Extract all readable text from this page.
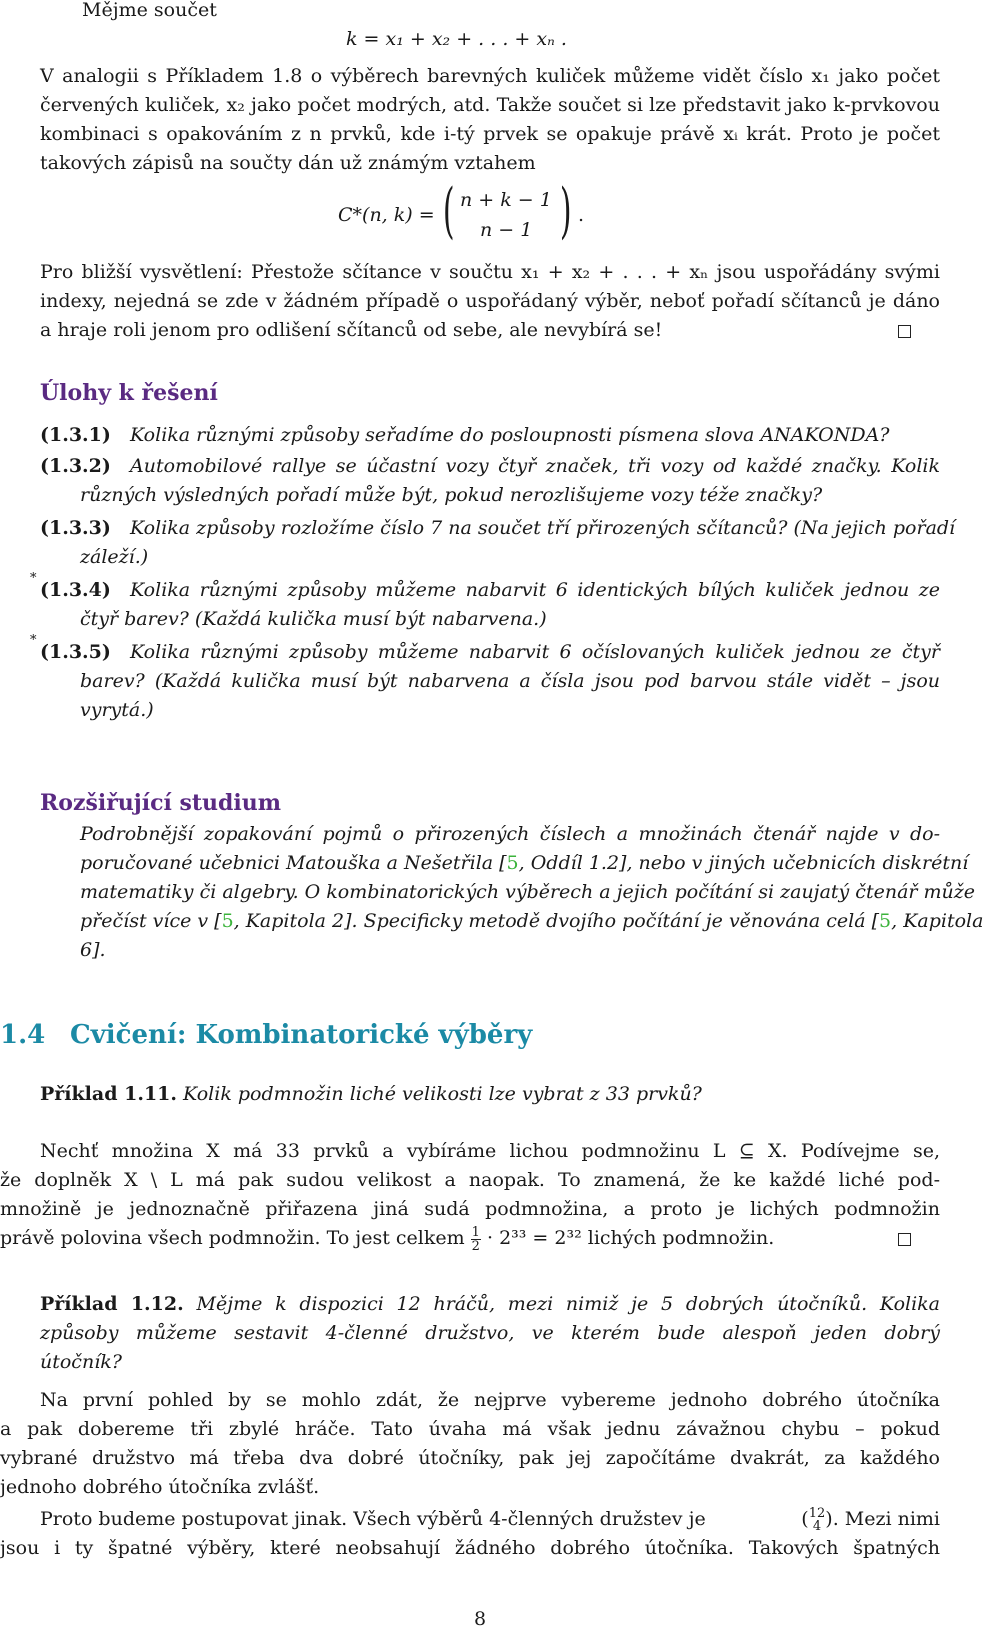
Mějme součet
k = x₁ + x₂ + . . . + xₙ .
V analogii s Příkladem 1.8 o výběrech barevných kuliček můžeme vidět číslo x₁ jako počet
červených kuliček, x₂ jako počet modrých, atd. Takže součet si lze představit jako k-prvkovou
kombinaci s opakováním z n prvků, kde i-tý prvek se opakuje právě xᵢ krát. Proto je počet
takových zápisů na součty dán už známým vztahem
C*(n, k) = ( n + k − 1
n − 1 ) .
Pro bližší vysvětlení: Přestože sčítance v součtu x₁ + x₂ + . . . + xₙ jsou uspořádány svými
indexy, nejedná se zde v žádném případě o uspořádaný výběr, neboť pořadí sčítanců je dáno
a hraje roli jenom pro odlišení sčítanců od sebe, ale nevybírá se!
Úlohy k řešení
(1.3.1) Kolika různými způsoby seřadíme do posloupnosti písmena slova ANAKONDA?
(1.3.2) Automobilové rallye se účastní vozy čtyř značek, tři vozy od každé značky. Kolik
různých výsledných pořadí může být, pokud nerozlišujeme vozy téže značky?
(1.3.3) Kolika způsoby rozložíme číslo 7 na součet tří přirozených sčítanců? (Na jejich pořadí
záleží.)
*
(1.3.4) Kolika různými způsoby můžeme nabarvit 6 identických bílých kuliček jednou ze
čtyř barev? (Každá kulička musí být nabarvena.)
*
(1.3.5) Kolika různými způsoby můžeme nabarvit 6 očíslovaných kuliček jednou ze čtyř
barev? (Každá kulička musí být nabarvena a čísla jsou pod barvou stále vidět – jsou
vyrytá.)
Rozšiřující studium
Podrobnější zopakování pojmů o přirozených číslech a množinách čtenář najde v do-
poručované učebnici Matouška a Nešetřila [5, Oddíl 1.2], nebo v jiných učebnicích diskrétní
matematiky či algebry. O kombinatorických výběrech a jejich počítání si zaujatý čtenář může
přečíst více v [5, Kapitola 2]. Specificky metodě dvojího počítání je věnována celá [5, Kapitola
6].
1.4 Cvičení: Kombinatorické výběry
Příklad 1.11. Kolik podmnožin liché velikosti lze vybrat z 33 prvků?
Nechť množina X má 33 prvků a vybíráme lichou podmnožinu L ⊆ X. Podívejme se,
že doplněk X \ L má pak sudou velikost a naopak. To znamená, že ke každé liché pod-
množině je jednoznačně přiřazena jiná sudá podmnožina, a proto je lichých podmnožin
právě polovina všech podmnožin. To jest celkem $\frac{1}{2} \cdot 2^{33} = 2^{32}$ lichých podmnožin.
Příklad 1.12. Mějme k dispozici 12 hráčů, mezi nimiž je 5 dobrých útočníků. Kolika
způsoby můžeme sestavit 4-členné družstvo, ve kterém bude alespoň jeden dobrý
útočník?
Na první pohled by se mohlo zdát, že nejprve vybereme jednoho dobrého útočníka
a pak dobereme tři zbylé hráče. Tato úvaha má však jednu závažnou chybu – pokud
vybrané družstvo má třeba dva dobré útočníky, pak jej započítáme dvakrát, za každého
jednoho dobrého útočníka zvlášť.
Proto budeme postupovat jinak. Všech výběrů 4-členných družstev je	( 12
4 ). Mezi nimi
jsou i ty špatné výběry, které neobsahují žádného dobrého útočníka. Takových špatných
8
